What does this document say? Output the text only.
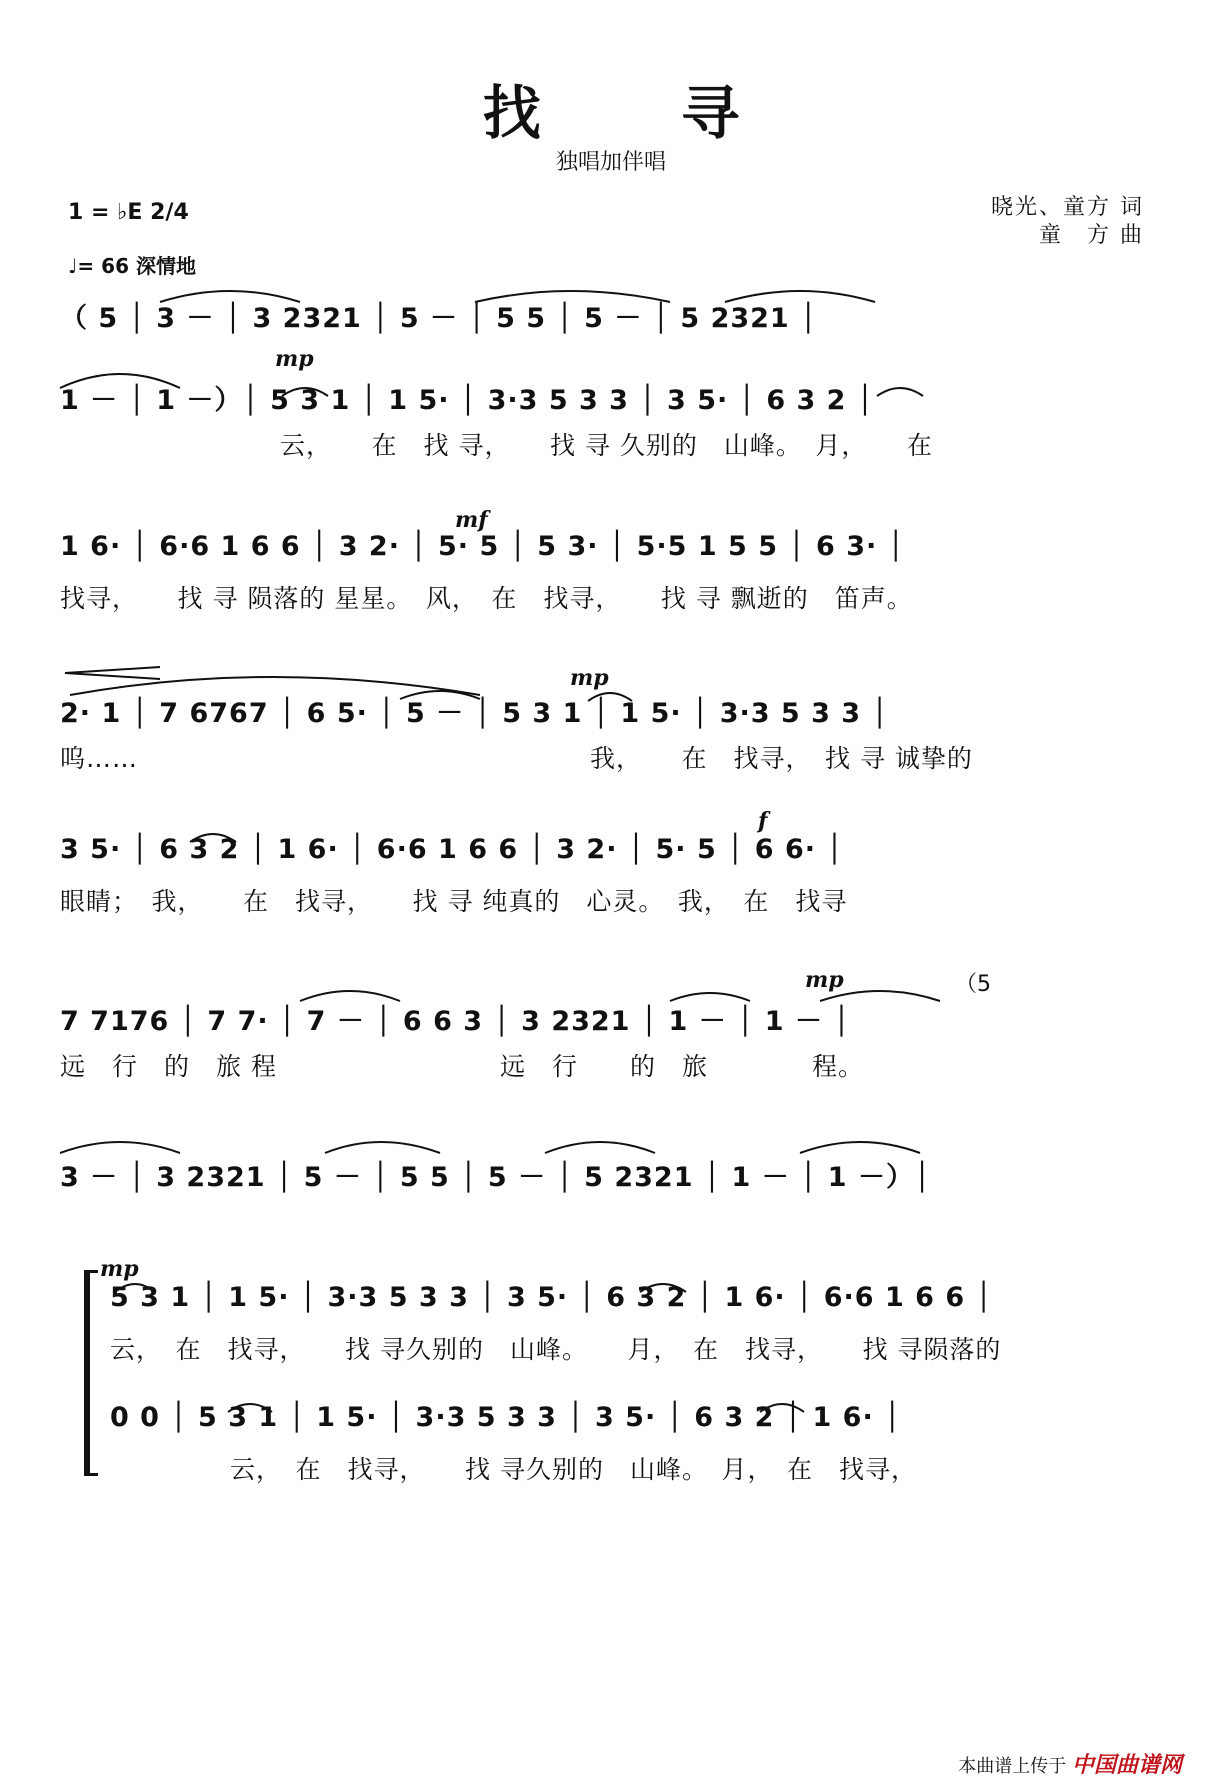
找 寻
独唱加伴唱
1 = ♭E 2/4
♩= 66 深情地
晓光、童方 词
童　方 曲
（ 5 │ 3 － │ 3 2321 │ 5 － │ 5 5 │ 5 － │ 5 2321 │
mp
1 － │ 1 －）│ 5 3 1 │ 1 5· │ 3·3 5 3 3 │ 3 5· │ 6 3 2 │
云，　　在　找 寻，　　找 寻 久别的　山峰。　月，　　在
mf
1 6· │ 6·6 1 6 6 │ 3 2· │ 5· 5 │ 5 3· │ 5·5 1 5 5 │ 6 3· │
找寻，　　找 寻 陨落的 星星。　风，　在　找寻，　　找 寻 飘逝的　笛声。
mp
2· 1 │ 7 6767 │ 6 5· │ 5 － │ 5 3 1 │ 1 5· │ 3·3 5 3 3 │
呜……	我，　　在　找寻，　找 寻 诚挚的
f
3 5· │ 6 3 2 │ 1 6· │ 6·6 1 6 6 │ 3 2· │ 5· 5 │ 6 6· │
眼睛；　我，　　在　找寻，　　找 寻 纯真的　心灵。　我，　在　找寻
mp	（5
7 7176 │ 7 7· │ 7 － │ 6 6 3 │ 3 2321 │ 1 － │ 1 － │
远　行　的　旅 程	远　行　　的　旅　　　　程。
3 － │ 3 2321 │ 5 － │ 5 5 │ 5 － │ 5 2321 │ 1 － │ 1 －）│
mp
5 3 1 │ 1 5· │ 3·3 5 3 3 │ 3 5· │ 6 3 2 │ 1 6· │ 6·6 1 6 6 │
云，　在　找寻，　　找 寻久别的　山峰。　　月，　在　找寻，　　找 寻陨落的
0 0 │ 5 3 1 │ 1 5· │ 3·3 5 3 3 │ 3 5· │ 6 3 2 │ 1 6· │
云，　在　找寻，　　找 寻久别的　山峰。　月，　在　找寻，
本曲谱上传于 中国曲谱网
